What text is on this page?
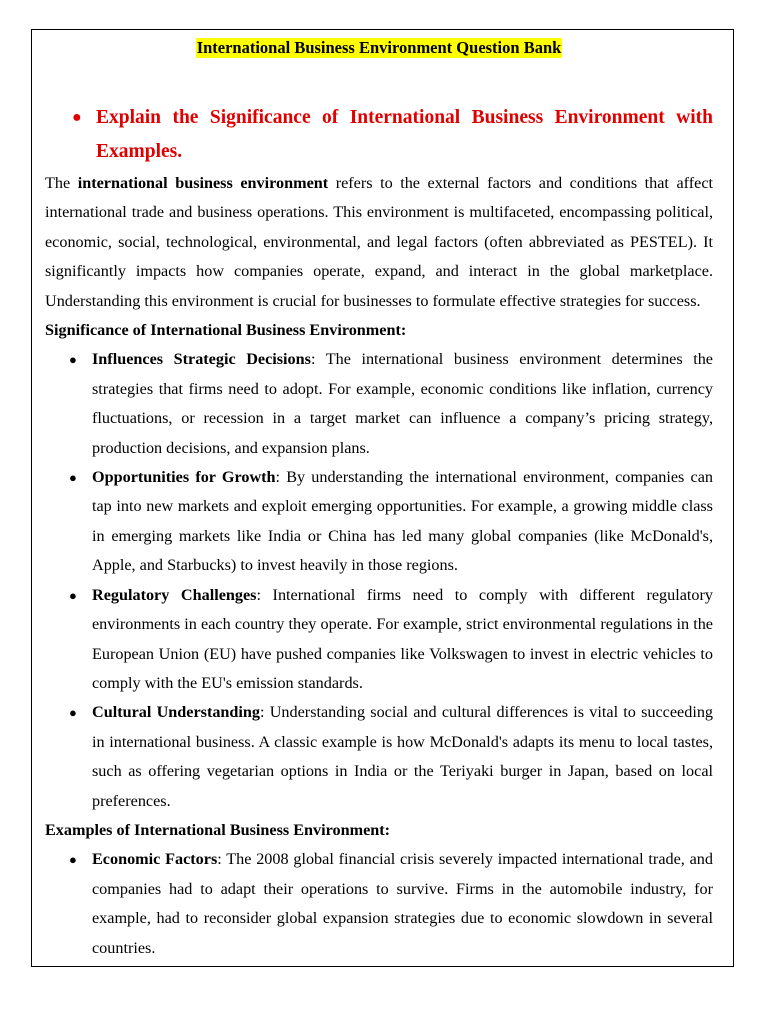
International Business Environment Question Bank
● Explain the Significance of International Business Environment with Examples.

The international business environment refers to the external factors and conditions that affect international trade and business operations. This environment is multifaceted, encompassing political, economic, social, technological, environmental, and legal factors (often abbreviated as PESTEL). It significantly impacts how companies operate, expand, and interact in the global marketplace. Understanding this environment is crucial for businesses to formulate effective strategies for success.

Significance of International Business Environment:
● Influences Strategic Decisions: The international business environment determines the strategies that firms need to adopt. For example, economic conditions like inflation, currency fluctuations, or recession in a target market can influence a company’s pricing strategy, production decisions, and expansion plans.
● Opportunities for Growth: By understanding the international environment, companies can tap into new markets and exploit emerging opportunities. For example, a growing middle class in emerging markets like India or China has led many global companies (like McDonald's, Apple, and Starbucks) to invest heavily in those regions.
● Regulatory Challenges: International firms need to comply with different regulatory environments in each country they operate. For example, strict environmental regulations in the European Union (EU) have pushed companies like Volkswagen to invest in electric vehicles to comply with the EU's emission standards.
● Cultural Understanding: Understanding social and cultural differences is vital to succeeding in international business. A classic example is how McDonald's adapts its menu to local tastes, such as offering vegetarian options in India or the Teriyaki burger in Japan, based on local preferences.
Examples of International Business Environment:
● Economic Factors: The 2008 global financial crisis severely impacted international trade, and companies had to adapt their operations to survive. Firms in the automobile industry, for example, had to reconsider global expansion strategies due to economic slowdown in several countries.
